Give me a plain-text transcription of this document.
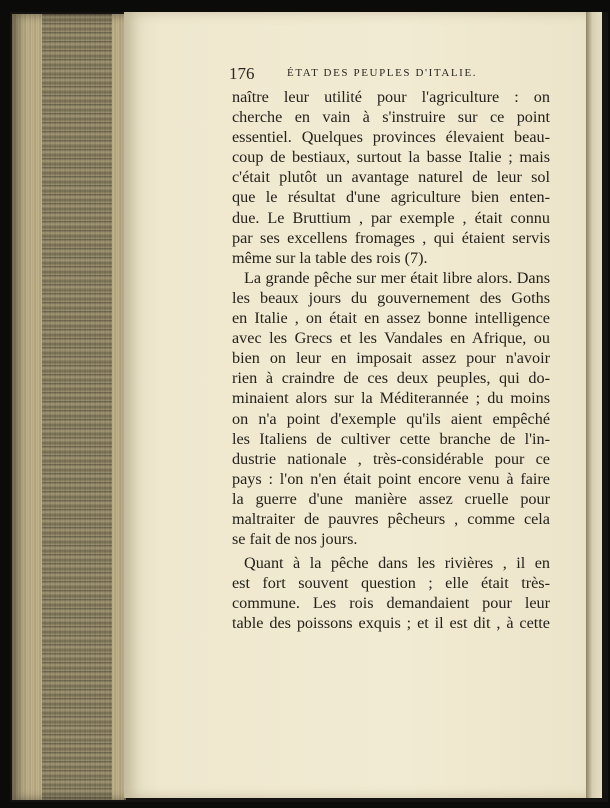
176	ÉTAT DES PEUPLES D'ITALIE.
naître leur utilité pour l'agriculture : on
cherche en vain à s'instruire sur ce point
essentiel. Quelques provinces élevaient beau-
coup de bestiaux, surtout la basse Italie ; mais
c'était plutôt un avantage naturel de leur sol
que le résultat d'une agriculture bien enten-
due. Le Bruttium , par exemple , était connu
par ses excellens fromages , qui étaient servis
même sur la table des rois (7).
La grande pêche sur mer était libre alors. Dans
les beaux jours du gouvernement des Goths
en Italie , on était en assez bonne intelligence
avec les Grecs et les Vandales en Afrique, ou
bien on leur en imposait assez pour n'avoir
rien à craindre de ces deux peuples, qui do-
minaient alors sur la Méditerannée ; du moins
on n'a point d'exemple qu'ils aient empêché
les Italiens de cultiver cette branche de l'in-
dustrie nationale , très-considérable pour ce
pays : l'on n'en était point encore venu à faire
la guerre d'une manière assez cruelle pour
maltraiter de pauvres pêcheurs , comme cela
se fait de nos jours.
Quant à la pêche dans les rivières , il en
est fort souvent question ; elle était très-
commune. Les rois demandaient pour leur
table des poissons exquis ; et il est dit , à cette
